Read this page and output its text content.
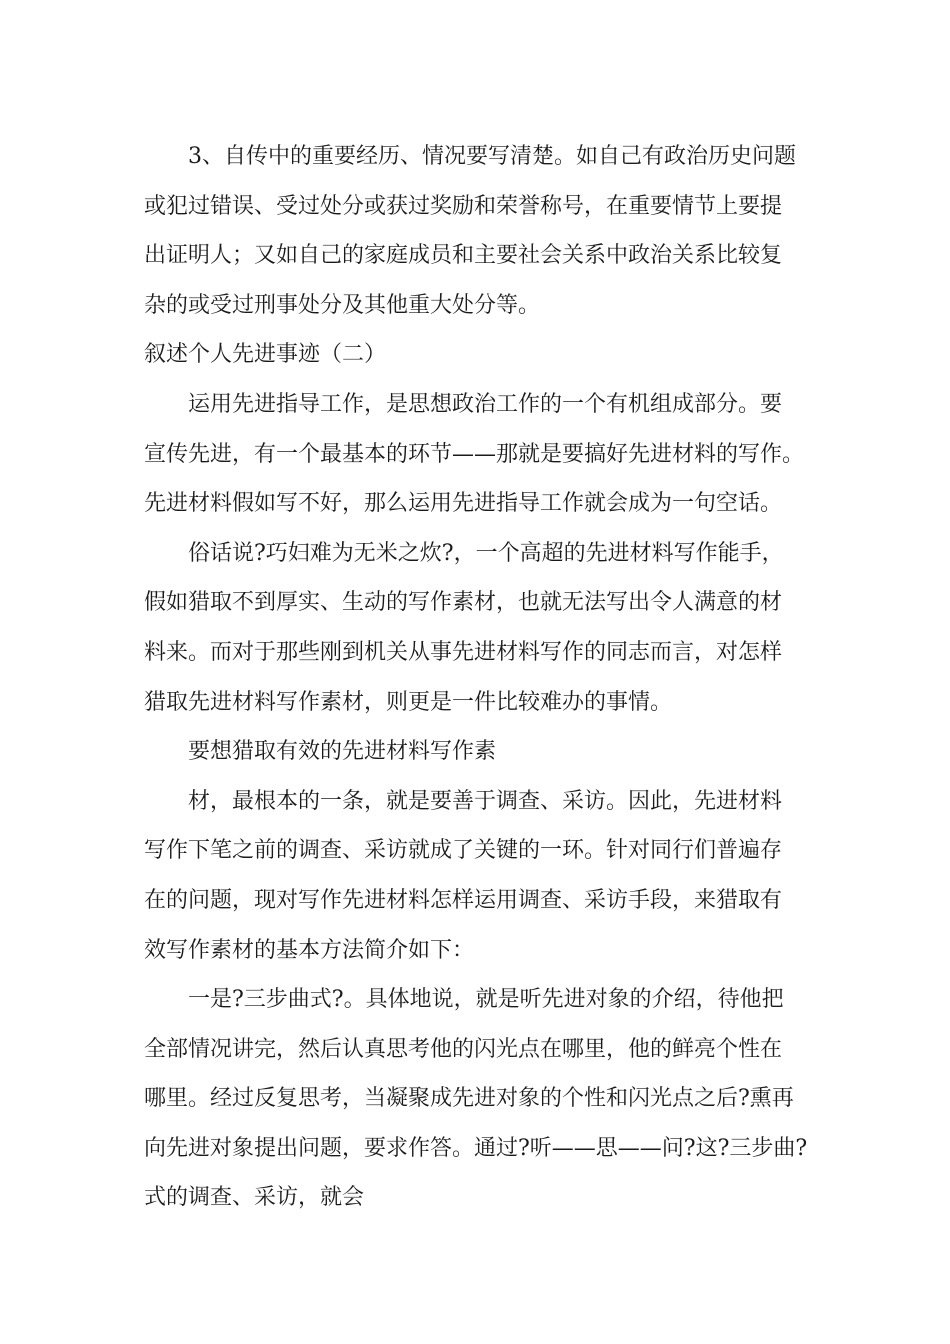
3、自传中的重要经历、情况要写清楚。如自己有政治历史问题
或犯过错误、受过处分或获过奖励和荣誉称号，在重要情节上要提
出证明人；又如自己的家庭成员和主要社会关系中政治关系比较复
杂的或受过刑事处分及其他重大处分等。
叙述个人先进事迹（二）
运用先进指导工作，是思想政治工作的一个有机组成部分。要
宣传先进，有一个最基本的环节——那就是要搞好先进材料的写作。
先进材料假如写不好，那么运用先进指导工作就会成为一句空话。
俗话说?巧妇难为无米之炊?，一个高超的先进材料写作能手，
假如猎取不到厚实、生动的写作素材，也就无法写出令人满意的材
料来。而对于那些刚到机关从事先进材料写作的同志而言，对怎样
猎取先进材料写作素材，则更是一件比较难办的事情。
要想猎取有效的先进材料写作素
材，最根本的一条，就是要善于调查、采访。因此，先进材料
写作下笔之前的调查、采访就成了关键的一环。针对同行们普遍存
在的问题，现对写作先进材料怎样运用调查、采访手段，来猎取有
效写作素材的基本方法简介如下：
一是?三步曲式?。具体地说，就是听先进对象的介绍，待他把
全部情况讲完，然后认真思考他的闪光点在哪里，他的鲜亮个性在
哪里。经过反复思考，当凝聚成先进对象的个性和闪光点之后?熏再
向先进对象提出问题，要求作答。通过?听——思——问?这?三步曲?
式的调查、采访，就会
